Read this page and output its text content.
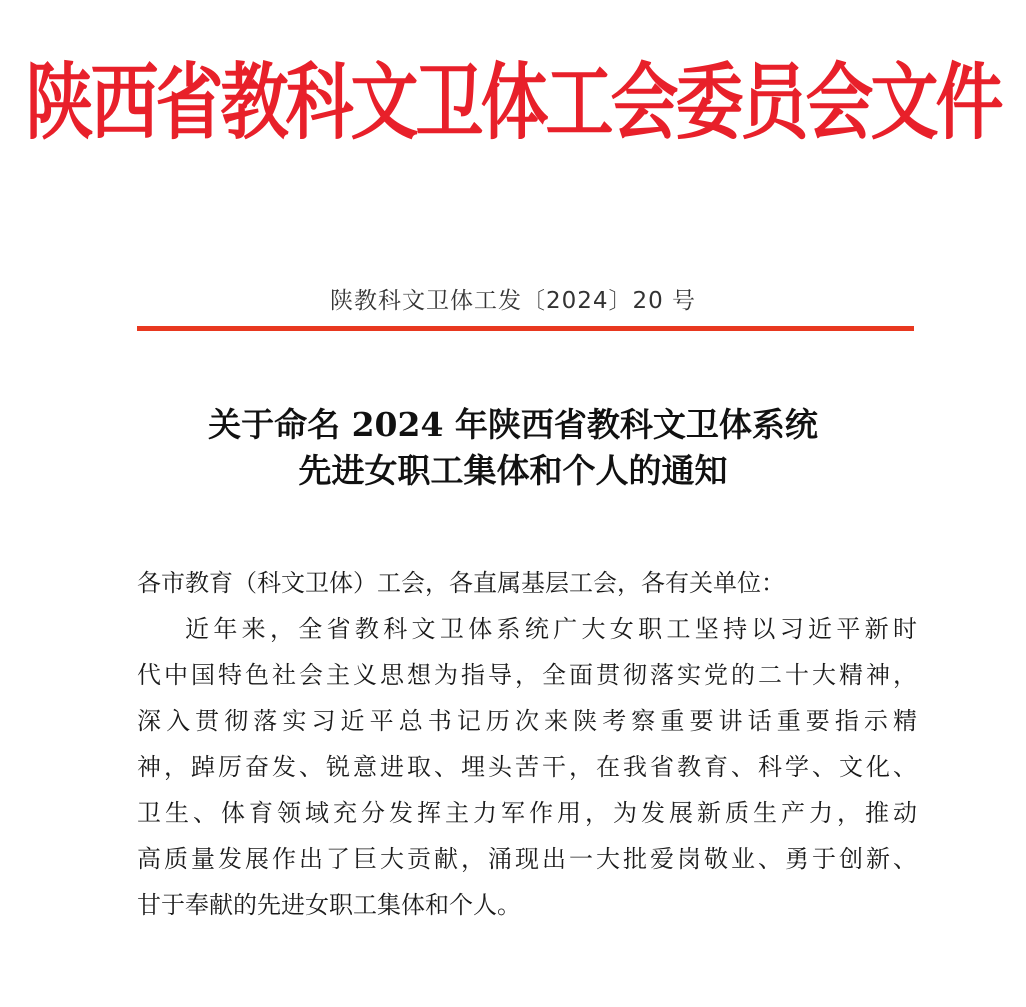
陕西省教科文卫体工会委员会文件
陕教科文卫体工发〔2024〕20 号
关于命名 2024 年陕西省教科文卫体系统
先进女职工集体和个人的通知

各市教育（科文卫体）工会，各直属基层工会，各有关单位：

近年来，全省教科文卫体系统广大女职工坚持以习近平新时
代中国特色社会主义思想为指导，全面贯彻落实党的二十大精神，
深入贯彻落实习近平总书记历次来陕考察重要讲话重要指示精
神，踔厉奋发、锐意进取、埋头苦干，在我省教育、科学、文化、
卫生、体育领域充分发挥主力军作用，为发展新质生产力，推动
高质量发展作出了巨大贡献，涌现出一大批爱岗敬业、勇于创新、
甘于奉献的先进女职工集体和个人。
